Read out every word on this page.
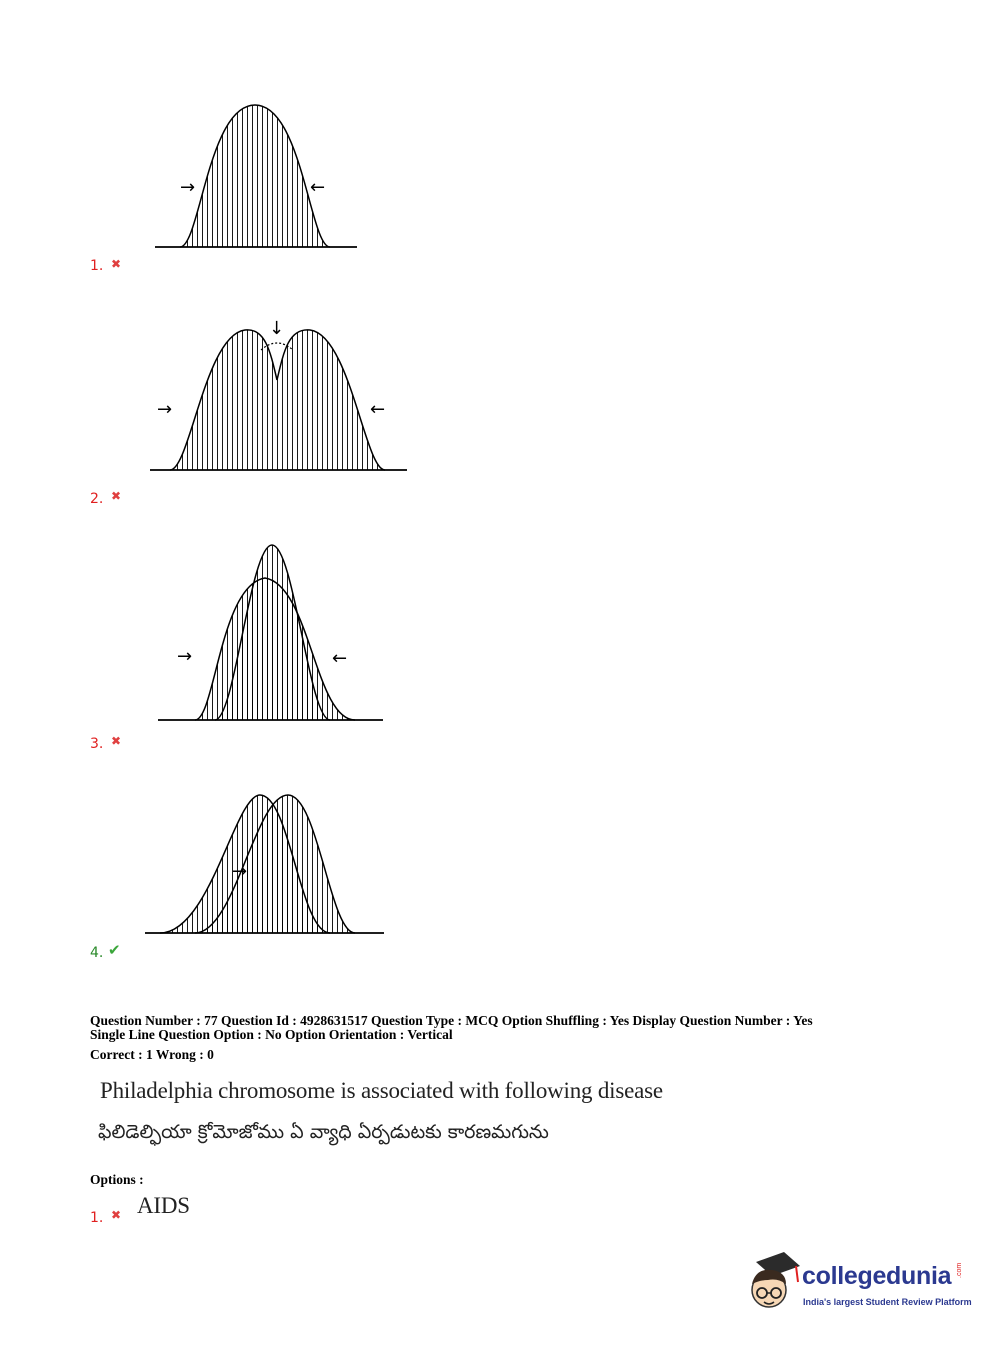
→	←
1. ✖
↓
→	←
2. ✖
→	←
3. ✖
→
4. ✔
Question Number : 77 Question Id : 4928631517 Question Type : MCQ Option Shuffling : Yes Display Question Number : Yes
Single Line Question Option : No Option Orientation : Vertical
Correct : 1 Wrong : 0
Philadelphia chromosome is associated with following disease
ఫిలిడెల్ఫియా క్రోమోజోము ఏ వ్యాధి ఏర్పడుటకు కారణమగును
Options :
1. ✖ AIDS
collegedunia .com
India's largest Student Review Platform
